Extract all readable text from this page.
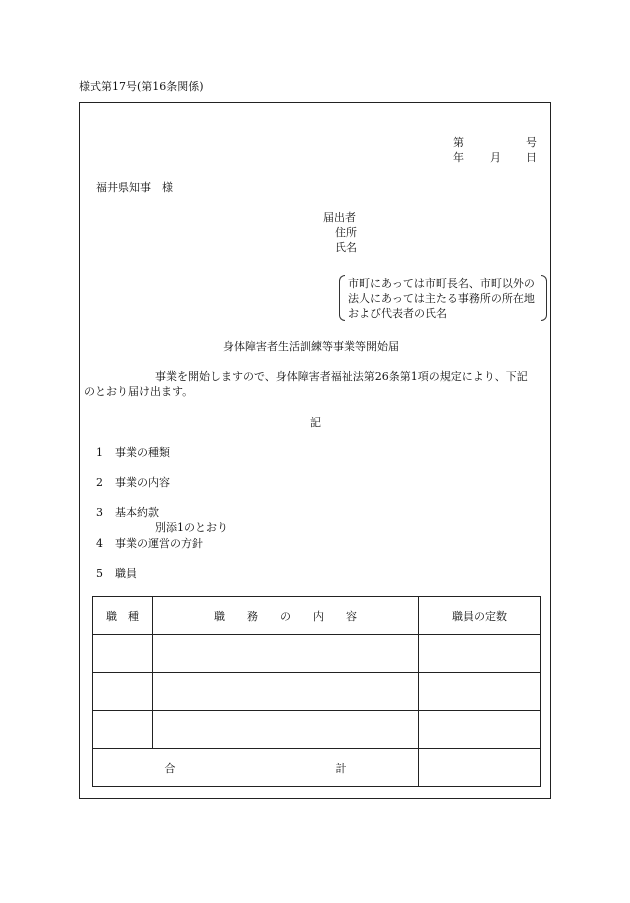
様式第17号(第16条関係)
第	号
年 月 日
福井県知事　様
届出者
住所
氏名
市町にあっては市町長名、市町以外の
法人にあっては主たる事務所の所在地
および代表者の氏名
身体障害者生活訓練等事業等開始届
事業を開始しますので、身体障害者福祉法第26条第1項の規定により、下記
のとおり届け出ます。
記
1 事業の種類
2 事業の内容
3 基本約款
別添1のとおり
4 事業の運営の方針
5 職員
職　種	職　　務　　の　　内　　容	職員の定数

合 計		
